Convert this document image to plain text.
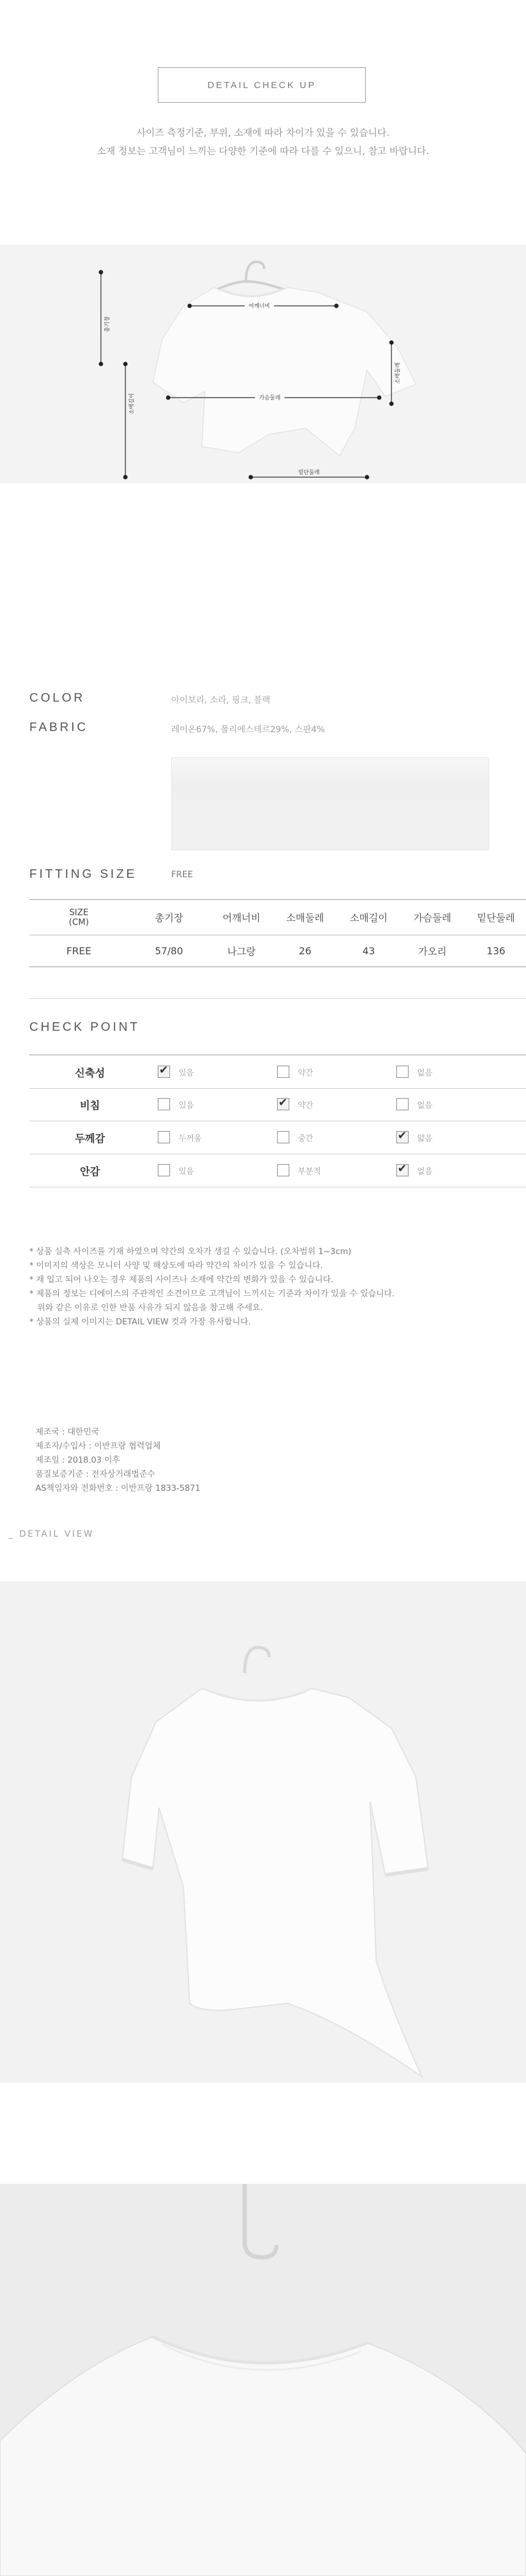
DETAIL CHECK UP
사이즈 측정기준, 부위, 소재에 따라 차이가 있을 수 있습니다.
소재 정보는 고객님이 느끼는 다양한 기준에 따라 다를 수 있으니, 참고 바랍니다.
어깨너비
가슴둘레
소매길이
총기장
소매둘레
밑단둘레
COLOR	아이보리, 소라, 핑크, 블랙
FABRIC	레이온67%, 폴리에스테르29%, 스판4%
FITTING SIZE	FREE
SIZE
(CM)	총기장	어깨너비	소매둘레	소매길이	가슴둘레	밑단둘레
FREE	57/80	나그랑	26	43	가오리	136
CHECK POINT
신축성	✔ 있음	약간	없음
비침	있음	✔ 약간	없음
두께감	두꺼움	중간	✔ 얇음
안감	있음	부분적	✔ 없음
* 상품 실측 사이즈를 기재 하였으며 약간의 오차가 생길 수 있습니다. (오차범위 1~3cm)
* 이미지의 색상은 모니터 사양 및 해상도에 따라 약간의 차이가 있을 수 있습니다.
* 재 입고 되어 나오는 경우 제품의 사이즈나 소재에 약간의 변화가 있을 수 있습니다.
* 제품의 정보는 디에이스의 주관적인 소견이므로 고객님이 느끼시는 기준과 차이가 있을 수 있습니다.
위와 같은 이유로 인한 반품 사유가 되지 않음을 참고해 주세요.
* 상품의 실제 이미지는 DETAIL VIEW 컷과 가장 유사합니다.
제조국 : 대한민국
제조자/수입사 : 이반프랑 협력업체
제조일 : 2018.03 이후
품질보증기준 : 전자상거래법준수
AS책임자와 전화번호 : 이반프랑 1833-5871
_ DETAIL VIEW
